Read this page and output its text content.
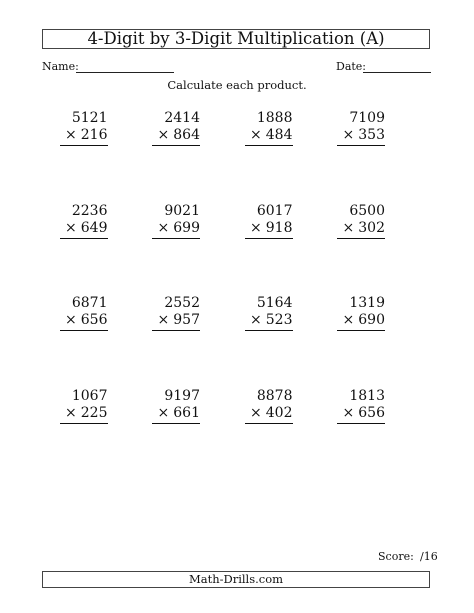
4-Digit by 3-Digit Multiplication (A)
Name:	Date:
Calculate each product.
5121
× 216
2414
× 864
1888
× 484
7109
× 353
2236
× 649
9021
× 699
6017
× 918
6500
× 302
6871
× 656
2552
× 957
5164
× 523
1319
× 690
1067
× 225
9197
× 661
8878
× 402
1813
× 656
Score: /16
Math-Drills.com
